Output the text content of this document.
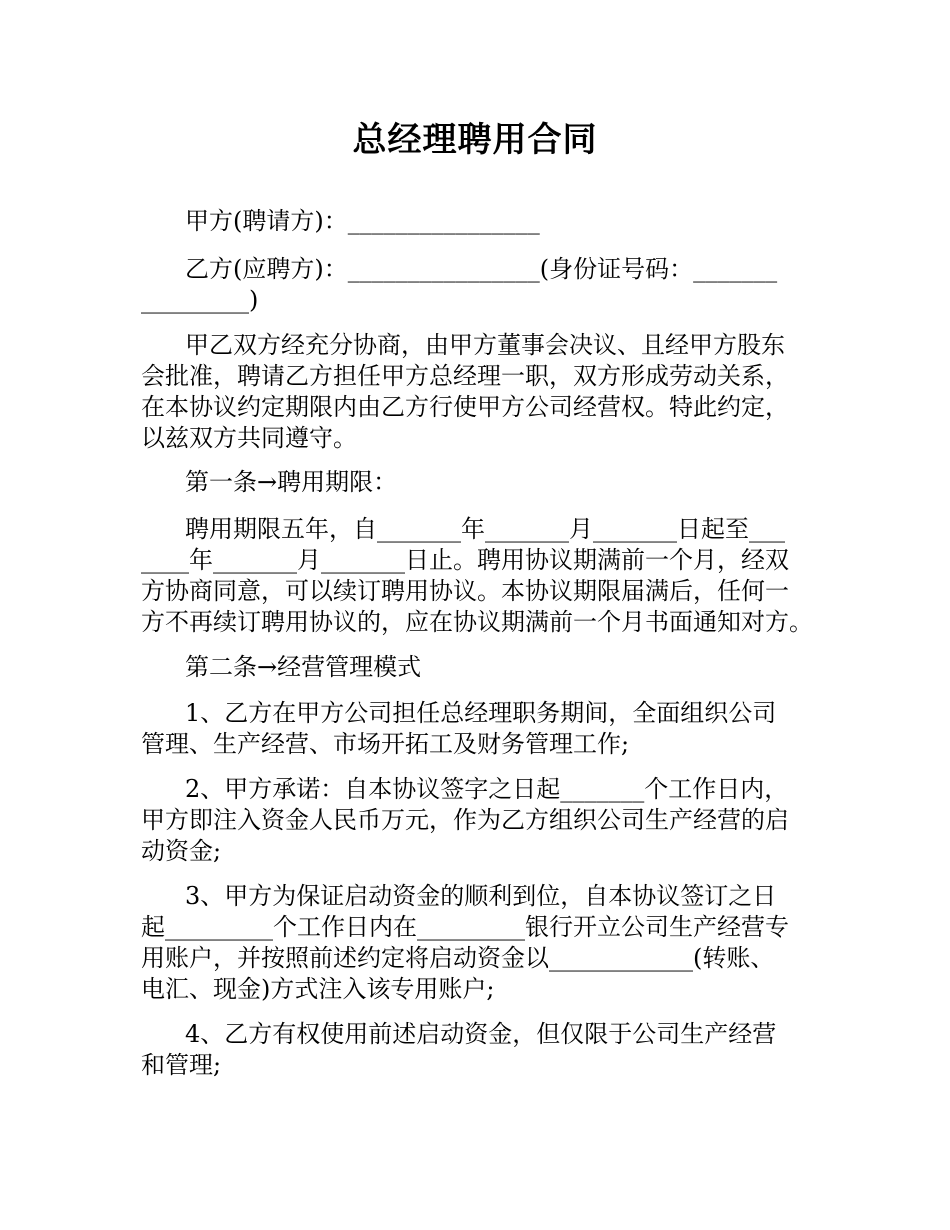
总经理聘用合同
甲方(聘请方)：________________
乙方(应聘方)：________________(身份证号码：_______
_________)
甲乙双方经充分协商，由甲方董事会决议、且经甲方股东
会批准，聘请乙方担任甲方总经理一职，双方形成劳动关系，
在本协议约定期限内由乙方行使甲方公司经营权。特此约定，
以兹双方共同遵守。
第一条→聘用期限：
聘用期限五年，自_______年_______月_______日起至___
____年_______月_______日止。聘用协议期满前一个月，经双
方协商同意，可以续订聘用协议。本协议期限届满后，任何一
方不再续订聘用协议的，应在协议期满前一个月书面通知对方。
第二条→经营管理模式
1、乙方在甲方公司担任总经理职务期间，全面组织公司
管理、生产经营、市场开拓工及财务管理工作;
2、甲方承诺：自本协议签字之日起_______个工作日内，
甲方即注入资金人民币万元，作为乙方组织公司生产经营的启
动资金;
3、甲方为保证启动资金的顺利到位，自本协议签订之日
起_________个工作日内在_________银行开立公司生产经营专
用账户，并按照前述约定将启动资金以____________(转账、
电汇、现金)方式注入该专用账户;
4、乙方有权使用前述启动资金，但仅限于公司生产经营
和管理;
